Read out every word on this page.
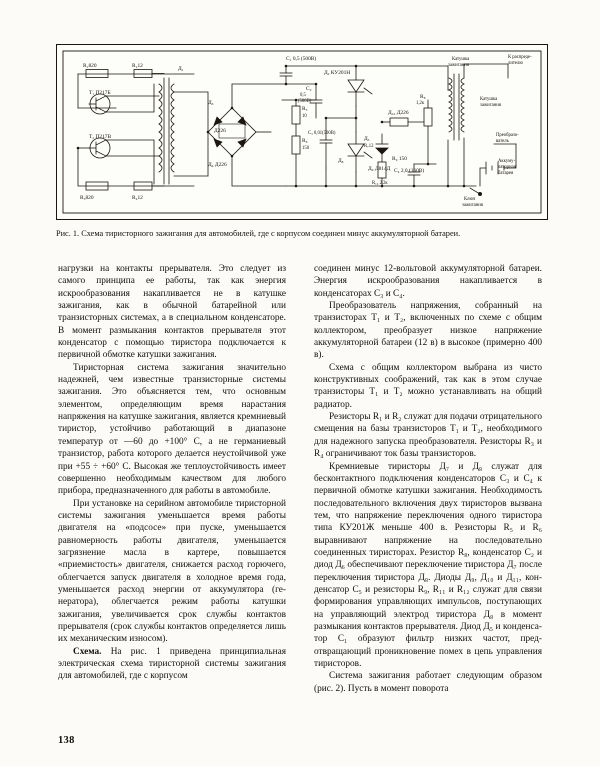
R₁820	R₂12	Д₁
Т₁ П217Б
Т₂ П217В
R₃820	R₄12
Д₃
Д226
Д₄ Д226
C₁ 0,5 (500В)
Д₂ КУ201Н
R₅
10
R₆
150
C₂
0,5
(500В)
C₃ 0,01(500В)
Д₅
R₇12
Д₁₀ Д226
Д₉ Д814Д
R₁₃ 2,2к
C₄ 2,0 (160В)
R₈
1,2к
R₉ 150
Д₈
Катушка
зажигания
К распреде-
лителю
Катушка
зажигания
Преобразо-
ватель
Аккуму-
ляторная
батарея
Ключ
зажигания
Рис. 1. Схема тиристорного зажигания для автомобилей, где с корпусом соединен минус аккумуляторной батареи.

нагрузки на контакты прерывателя. Это следует из самого принципа ее работы, так как энергия искрообразования накапливается не в катушке зажигания, как в обычной батарейной или транзисторных системах, а в специальном конденсаторе. В момент размыкания контактов прерывателя этот конденсатор с помощью тиристора подключается к первичной обмотке катушки зажигания.

Тиристорная система зажигания значительно надежней, чем известные транзисторные системы зажигания. Это объясняется тем, что основным элементом, определяющим время нарастания напряжения на катушке зажигания, является кремниевый тиристор, устойчиво работающий в диапазоне температур от —60 до +100° С, а не германиевый транзистор, работа которого делается неустойчивой уже при +55 ÷ +60° С. Высокая же теплоустойчивость имеет совершенно необходимым качеством для любого прибора, предназначенного для работы в автомобиле.

При установке на серийном автомобиле тиристорной системы зажигания уменьшается время работы двигателя на «подсосе» при пуске, уменьшается равномерность работы двигателя, уменьшается загрязнение масла в картере, повышается «приемистость» двигателя, снижается расход горючего, облегчается запуск двигателя в холодное время года, уменьшается расход энергии от аккумулятора (генератора), облегчается режим работы катушки зажигания, увеличивается срок службы контактов прерывателя (срок службы контактов определяется лишь их механическим износом).

Схема. На рис. 1 приведена принципиальная электрическая схема тиристорной системы зажигания для автомобилей, где с корпусом

соединен минус 12-вольтовой аккумуляторной батареи. Энергия искрообразования накапливается в конденсаторах C₃ и C₄.

Преобразователь напряжения, собранный на транзисторах T₁ и T₂, включенных по схеме с общим коллектором, преобразует низкое напряжение аккумуляторной батареи (12 в) в высокое (примерно 400 в).

Схема с общим коллектором выбрана из чисто конструктивных соображений, так как в этом случае транзисторы T₁ и T₂ можно устанавливать на общий радиатор.

Резисторы R₁ и R₂ служат для подачи отрицательного смещения на базы транзисторов T₁ и T₂, необходимого для надежного запуска преобразователя. Резисторы R₃ и R₄ ограничивают ток базы транзисторов.

Кремниевые тиристоры Д₇ и Д₈ служат для бесконтактного подключения конденсаторов C₃ и C₄ к первичной обмотке катушки зажигания. Необходимость последовательного включения двух тиристоров вызвана тем, что напряжение переключения одного тиристора типа КУ201Ж меньше 400 в. Резисторы R₅ и R₆ выравнивают напряжение на последовательно соединенных тиристорах. Резистор R₈, конденсатор C₂ и диод Д₆ обеспечивают переключение тиристора Д₇ после переключения тиристора Д₈. Диоды Д₉, Д₁₀ и Д₁₁, конденсатор C₅ и резисторы R₉, R₁₁ и R₁₂ служат для связи формирования управляющих импульсов, поступающих на управляющий электрод тиристора Д₈ в момент размыкания контактов прерывателя. Диод Д₅ и конденсатор C₁ образуют фильтр низких частот, предотвращающий проникновение помех в цепь управления тиристоров.

Система зажигания работает следующим образом (рис. 2). Пусть в момент поворота

138
